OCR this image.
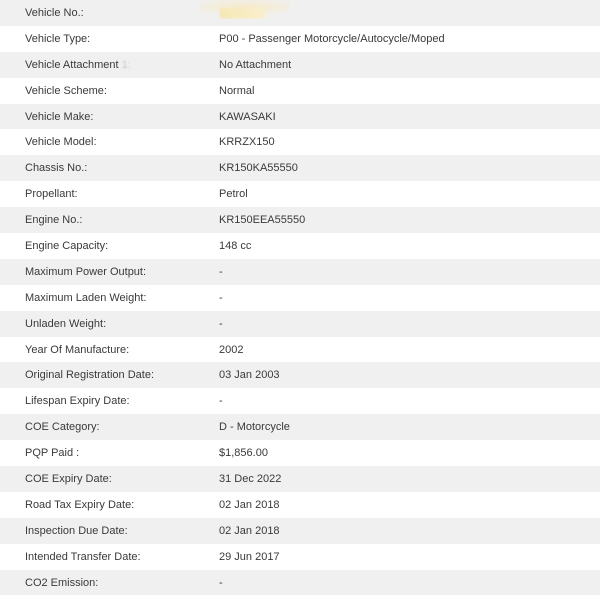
Vehicle No.:
Vehicle Type:	P00 - Passenger Motorcycle/Autocycle/Moped
Vehicle Attachment 1:	No Attachment
Vehicle Scheme:	Normal
Vehicle Make:	KAWASAKI
Vehicle Model:	KRRZX150
Chassis No.:	KR150KA55550
Propellant:	Petrol
Engine No.:	KR150EEA55550
Engine Capacity:	148 cc
Maximum Power Output:	-
Maximum Laden Weight:	-
Unladen Weight:	-
Year Of Manufacture:	2002
Original Registration Date:	03 Jan 2003
Lifespan Expiry Date:	-
COE Category:	D - Motorcycle
PQP Paid :	$1,856.00
COE Expiry Date:	31 Dec 2022
Road Tax Expiry Date:	02 Jan 2018
Inspection Due Date:	02 Jan 2018
Intended Transfer Date:	29 Jun 2017
CO2 Emission:	-
